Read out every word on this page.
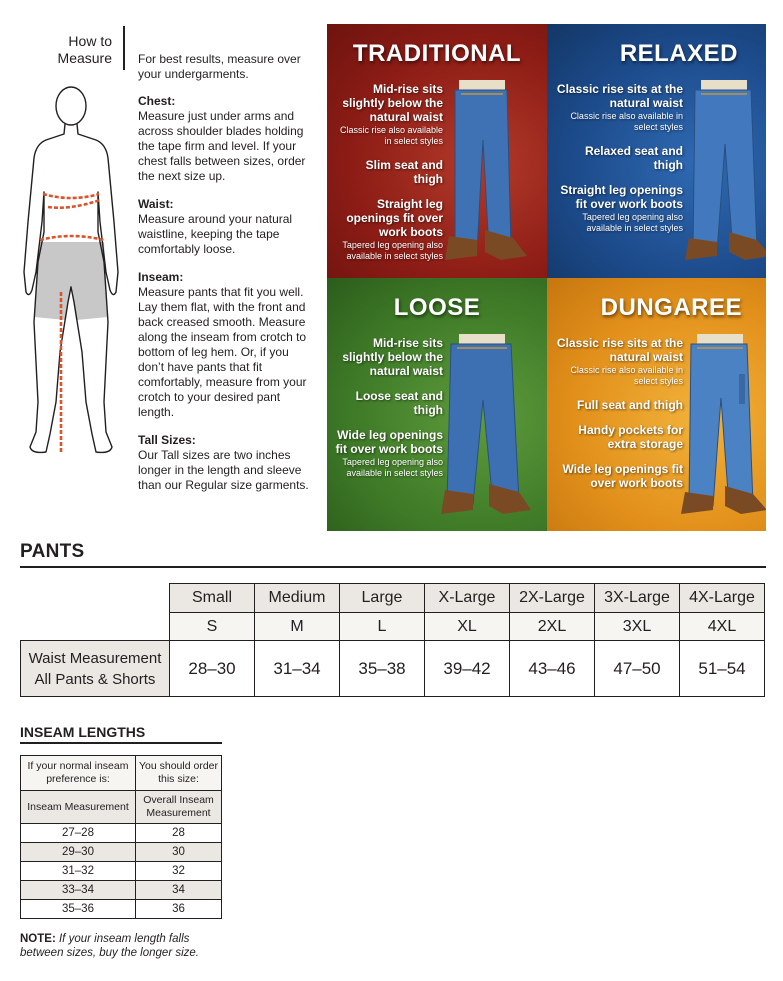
How to
Measure For best results, measure over your undergarments.
Chest:
Measure just under arms and across shoulder blades holding the tape firm and level. If your chest falls between sizes, order the next size up.
Waist:
Measure around your natural waistline, keeping the tape comfortably loose.
Inseam:
Measure pants that fit you well. Lay them flat, with the front and back creased smooth. Measure along the inseam from crotch to bottom of leg hem. Or, if you don’t have pants that fit comfortably, measure from your crotch to your desired pant length.
Tall Sizes:
Our Tall sizes are two inches longer in the length and sleeve than our Regular size garments.
TRADITIONAL
Mid-rise sits slightly below the natural waist
Classic rise also available in select styles
Slim seat and thigh
Straight leg openings fit over work boots
Tapered leg opening also available in select styles
RELAXED
Classic rise sits at the natural waist
Classic rise also available in select styles
Relaxed seat and thigh
Straight leg openings fit over work boots
Tapered leg opening also available in select styles
LOOSE
Mid-rise sits slightly below the natural waist
Loose seat and thigh
Wide leg openings fit over work boots
Tapered leg opening also available in select styles
DUNGAREE
Classic rise sits at the natural waist
Classic rise also available in select styles
Full seat and thigh
Handy pockets for extra storage
Wide leg openings fit over work boots
PANTS
	Small	Medium	Large	X-Large	2X-Large	3X-Large	4X-Large
	S	M	L	XL	2XL	3XL	4XL

Waist Measurement
All Pants & Shorts	28–30	31–34	35–38	39–42	43–46	47–50	51–54
INSEAM LENGTHS
If your normal inseam preference is:	You should order this size:
Inseam Measurement	Overall Inseam Measurement
27–28	28
29–30	30
31–32	32
33–34	34
35–36	36
NOTE: If your inseam length falls between sizes, buy the longer size.
